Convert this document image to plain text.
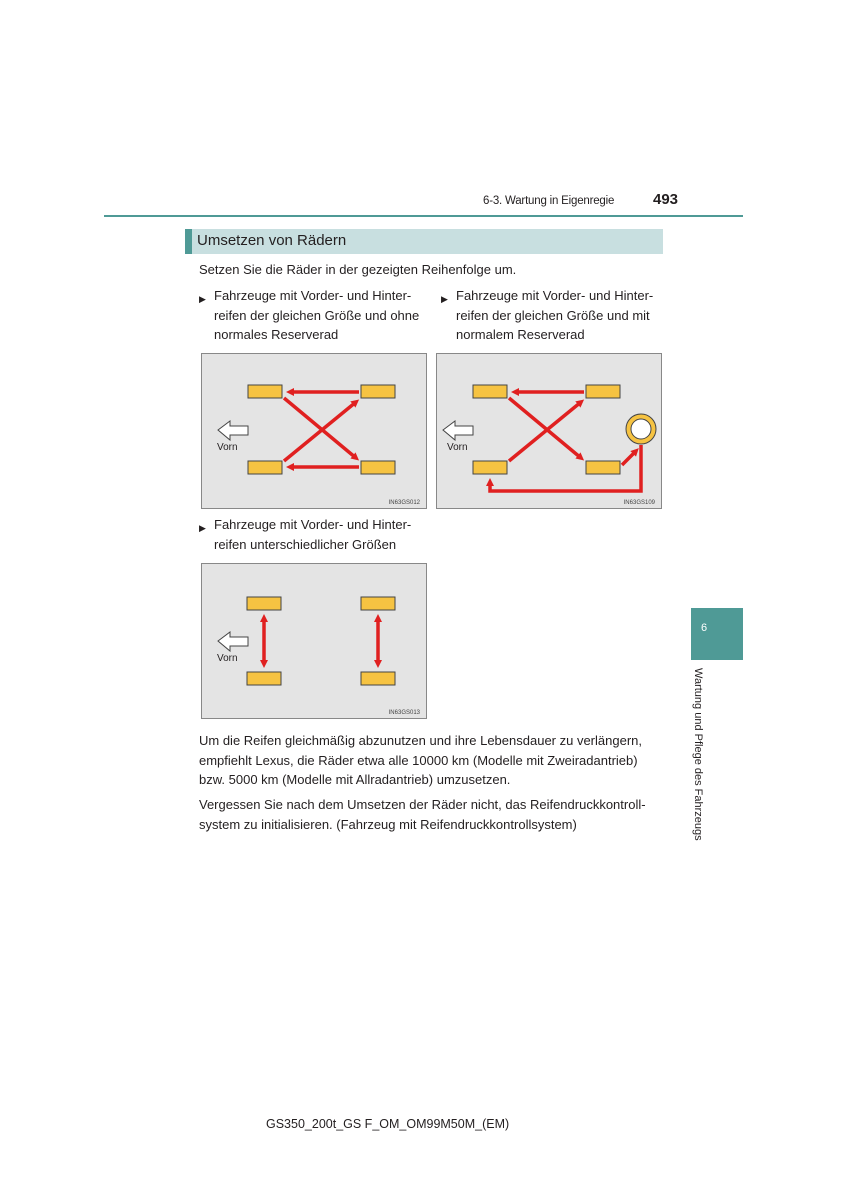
6-3. Wartung in Eigenregie	493
Umsetzen von Rädern
Setzen Sie die Räder in der gezeigten Reihenfolge um.
▶ Fahrzeuge mit Vorder- und Hinter-
reifen der gleichen Größe und ohne
normales Reserverad
▶ Fahrzeuge mit Vorder- und Hinter-
reifen der gleichen Größe und mit
normalem Reserverad
Vorn
IN63GS012
Vorn
IN63GS109
▶ Fahrzeuge mit Vorder- und Hinter-
reifen unterschiedlicher Größen
Vorn
IN63GS013
Um die Reifen gleichmäßig abzunutzen und ihre Lebensdauer zu verlängern,
empfiehlt Lexus, die Räder etwa alle 10000 km (Modelle mit Zweiradantrieb)
bzw. 5000 km (Modelle mit Allradantrieb) umzusetzen.
Vergessen Sie nach dem Umsetzen der Räder nicht, das Reifendruckkontroll-
system zu initialisieren. (Fahrzeug mit Reifendruckkontrollsystem)
6
Wartung und Pflege des Fahrzeugs
GS350_200t_GS F_OM_OM99M50M_(EM)
